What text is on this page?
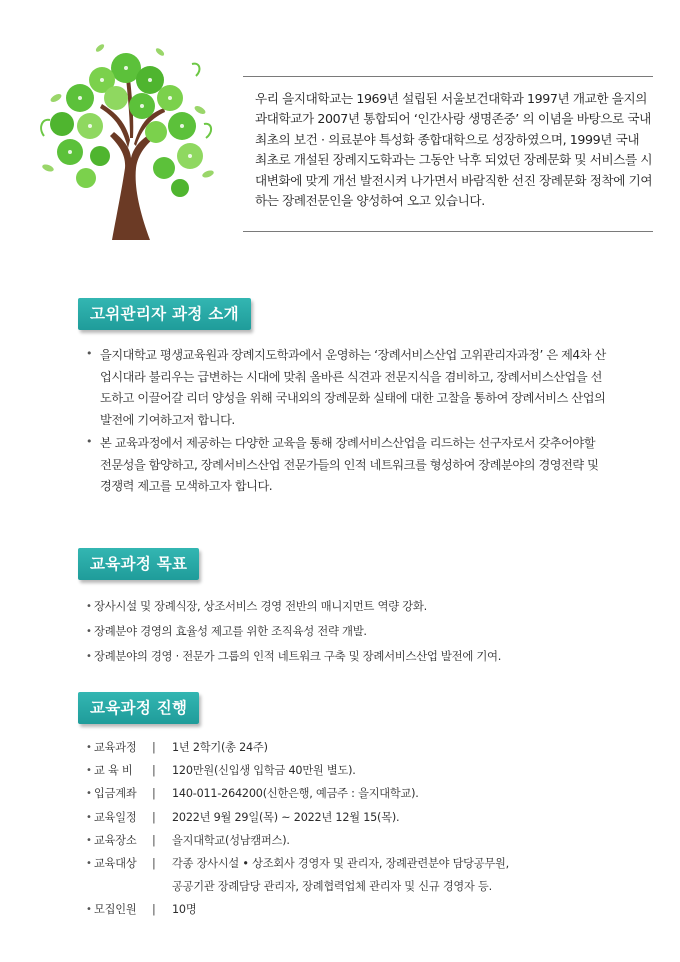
우리 을지대학교는 1969년 설립된 서울보건대학과 1997년 개교한 을지의과대학교가 2007년 통합되어 ‘인간사랑 생명존중’ 의 이념을 바탕으로 국내 최초의 보건 · 의료분야 특성화 종합대학으로 성장하였으며, 1999년 국내 최초로 개설된 장례지도학과는 그동안 낙후 되었던 장례문화 및 서비스를 시대변화에 맞게 개선 발전시켜 나가면서 바람직한 선진 장례문화 정착에 기여하는 장례전문인을 양성하여 오고 있습니다.

고위관리자 과정 소개

• 을지대학교 평생교육원과 장례지도학과에서 운영하는 ‘장례서비스산업 고위관리자과정’ 은 제4차 산업시대라 불리우는 급변하는 시대에 맞춰 올바른 식견과 전문지식을 겸비하고, 장례서비스산업을 선도하고 이끌어갈 리더 양성을 위해 국내외의 장례문화 실태에 대한 고찰을 통하여 장례서비스 산업의 발전에 기여하고저 합니다.

• 본 교육과정에서 제공하는 다양한 교육을 통해 장례서비스산업을 리드하는 선구자로서 갖추어야할 전문성을 함양하고, 장례서비스산업 전문가들의 인적 네트워크를 형성하여 장례분야의 경영전략 및 경쟁력 제고를 모색하고자 합니다.

교육과정 목표
• 장사시설 및 장례식장, 상조서비스 경영 전반의 매니지먼트 역량 강화.
• 장례분야 경영의 효율성 제고를 위한 조직육성 전략 개발.
• 장례분야의 경영 · 전문가 그룹의 인적 네트워크 구축 및 장례서비스산업 발전에 기여.
교육과정 진행
• 교육과정	|	1년 2학기(총 24주)
• 교 육 비	|	120만원(신입생 입학금 40만원 별도).
• 입금계좌	|	140-011-264200(신한은행, 예금주 : 을지대학교).
• 교육일정	|	2022년 9월 29일(목) ~ 2022년 12월 15(목).
• 교육장소	|	을지대학교(성남캠퍼스).
• 교육대상	|	각종 장사시설 • 상조회사 경영자 및 관리자, 장례관련분야 담당공무원,
공공기관 장례담당 관리자, 장례협력업체 관리자 및 신규 경영자 등.
• 모집인원	|	10명
